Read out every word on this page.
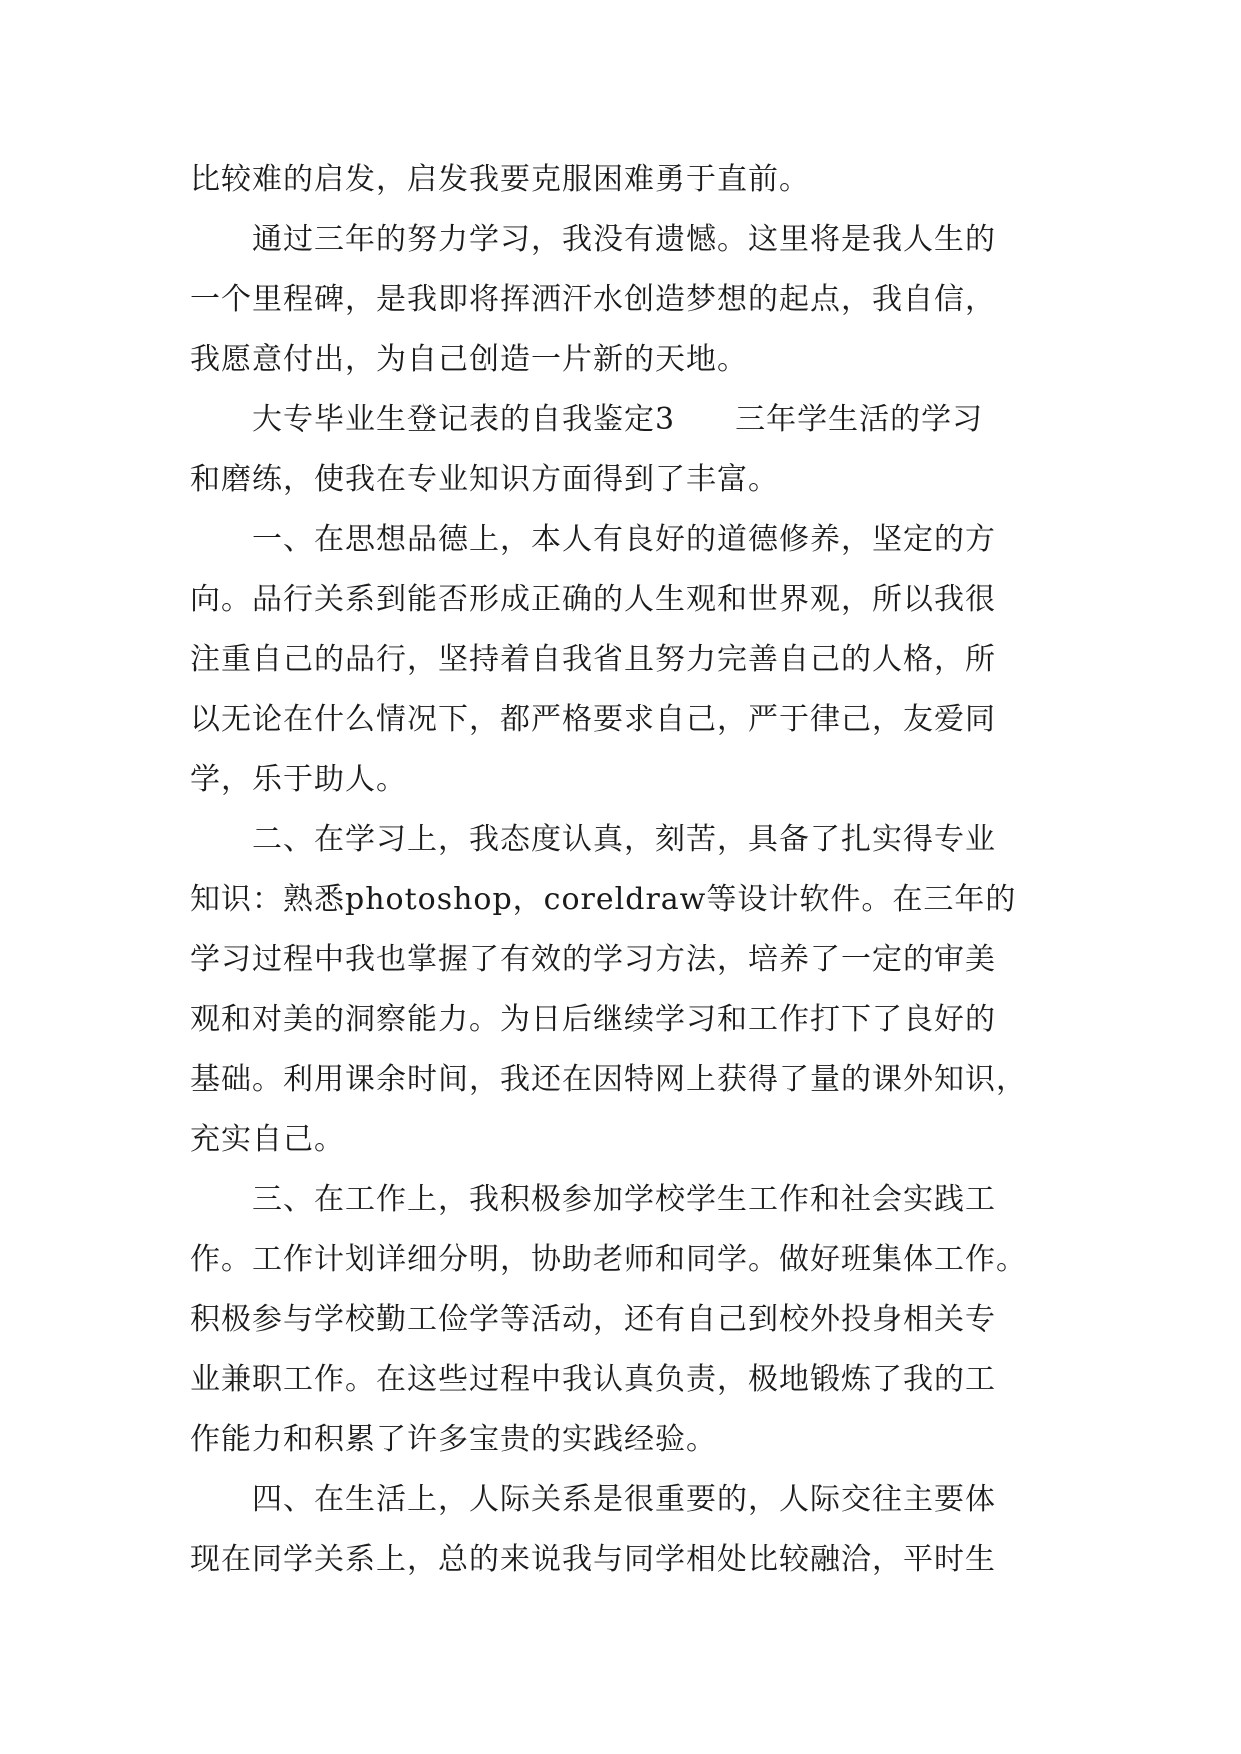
比较难的启发，启发我要克服困难勇于直前。
通过三年的努力学习，我没有遗憾。这里将是我人生的
一个里程碑，是我即将挥洒汗水创造梦想的起点，我自信，
我愿意付出，为自己创造一片新的天地。
大专毕业生登记表的自我鉴定3 三年学生活的学习
和磨练，使我在专业知识方面得到了丰富。
一、在思想品德上，本人有良好的道德修养，坚定的方
向。品行关系到能否形成正确的人生观和世界观，所以我很
注重自己的品行，坚持着自我省且努力完善自己的人格，所
以无论在什么情况下，都严格要求自己，严于律己，友爱同
学，乐于助人。
二、在学习上，我态度认真，刻苦，具备了扎实得专业
知识：熟悉photoshop，coreldraw等设计软件。在三年的
学习过程中我也掌握了有效的学习方法，培养了一定的审美
观和对美的洞察能力。为日后继续学习和工作打下了良好的
基础。利用课余时间，我还在因特网上获得了量的课外知识，
充实自己。
三、在工作上，我积极参加学校学生工作和社会实践工
作。工作计划详细分明，协助老师和同学。做好班集体工作。
积极参与学校勤工俭学等活动，还有自己到校外投身相关专
业兼职工作。在这些过程中我认真负责，极地锻炼了我的工
作能力和积累了许多宝贵的实践经验。
四、在生活上，人际关系是很重要的，人际交往主要体
现在同学关系上，总的来说我与同学相处比较融洽，平时生
